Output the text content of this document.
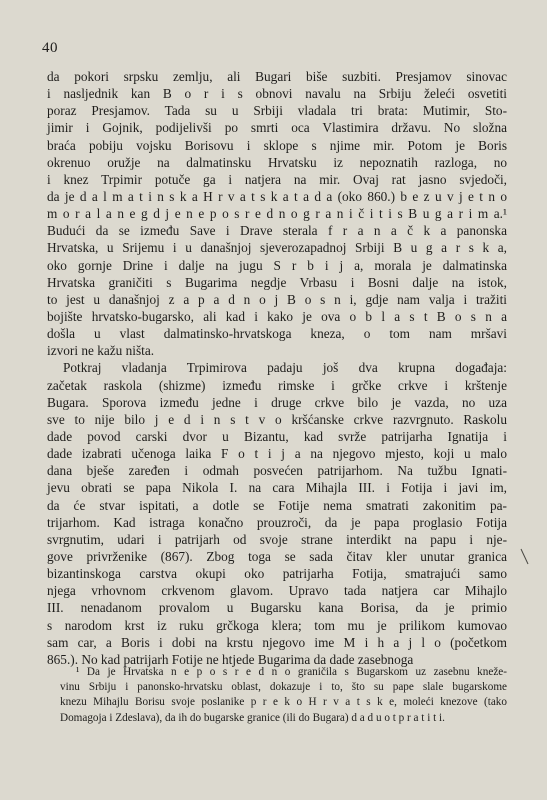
40
da pokori srpsku zemlju, ali Bugari biše suzbiti. Presjamov sinovac
i nasljednik kan B o r i s obnovi navalu na Srbiju želeći osvetiti
poraz Presjamov. Tada su u Srbiji vladala tri brata: Mutimir, Sto-
jimir i Gojnik, podijelivši po smrti oca Vlastimira državu. No složna
braća pobiju vojsku Borisovu i sklope s njime mir. Potom je Boris
okrenuo oružje na dalmatinsku Hrvatsku iz nepoznatih razloga, no
i knez Trpimir potuče ga i natjera na mir. Ovaj rat jasno svjedoči,
da je d a l m a t i n s k a H r v a t s k a t a d a (oko 860.) b e z u v j e t n o
m o r a l a n e g d j e n e p o s r e d n o g r a n i č i t i s B u g a r i m a.¹
Budući da se između Save i Drave sterala f r a n a č k a panonska
Hrvatska, u Srijemu i u današnjoj sjeverozapadnoj Srbiji B u g a r s k a,
oko gornje Drine i dalje na jugu S r b i j a, morala je dalmatinska
Hrvatska graničiti s Bugarima negdje Vrbasu i Bosni dalje na istok,
to jest u današnjoj z a p a d n o j B o s n i, gdje nam valja i tražiti
bojište hrvatsko-bugarsko, ali kad i kako je ova o b l a s t B o s n a
došla u vlast dalmatinsko-hrvatskoga kneza, o tom nam mršavi
izvori ne kažu ništa.
Potkraj vladanja Trpimirova padaju još dva krupna događaja:
začetak raskola (shizme) između rimske i grčke crkve i krštenje
Bugara. Sporova između jedne i druge crkve bilo je vazda, no uza
sve to nije bilo j e d i n s t v o kršćanske crkve razvrgnuto. Raskolu
dade povod carski dvor u Bizantu, kad svrže patrijarha Ignatija i
dade izabrati učenoga laika F o t i j a na njegovo mjesto, koji u malo
dana bješe zaređen i odmah posvećen patrijarhom. Na tužbu Ignati-
jevu obrati se papa Nikola I. na cara Mihajla III. i Fotija i javi im,
da će stvar ispitati, a dotle se Fotije nema smatrati zakonitim pa-
trijarhom. Kad istraga konačno prouzroči, da je papa proglasio Fotija
svrgnutim, udari i patrijarh od svoje strane interdikt na papu i nje-
gove privrženike (867). Zbog toga se sada čitav kler unutar granica
bizantinskoga carstva okupi oko patrijarha Fotija, smatrajući samo
njega vrhovnom crkvenom glavom. Upravo tada natjera car Mihajlo
III. nenadanom provalom u Bugarsku kana Borisa, da je primio
s narodom krst iz ruku grčkoga klera; tom mu je prilikom kumovao
sam car, a Boris i dobi na krstu njegovo ime M i h a j l o (početkom
865.). No kad patrijarh Fotije ne htjede Bugarima da dade zasebnoga
¹ Da je Hrvatska n e p o s r e d n o graničila s Bugarskom uz zasebnu kneže-
vinu Srbiju i panonsko-hrvatsku oblast, dokazuje i to, što su pape slale bugarskome
knezu Mihajlu Borisu svoje poslanike p r e k o H r v a t s k e, moleći knezove (tako
Domagoja i Zdeslava), da ih do bugarske granice (ili do Bugara) d a d u o t p r a t i t i.
